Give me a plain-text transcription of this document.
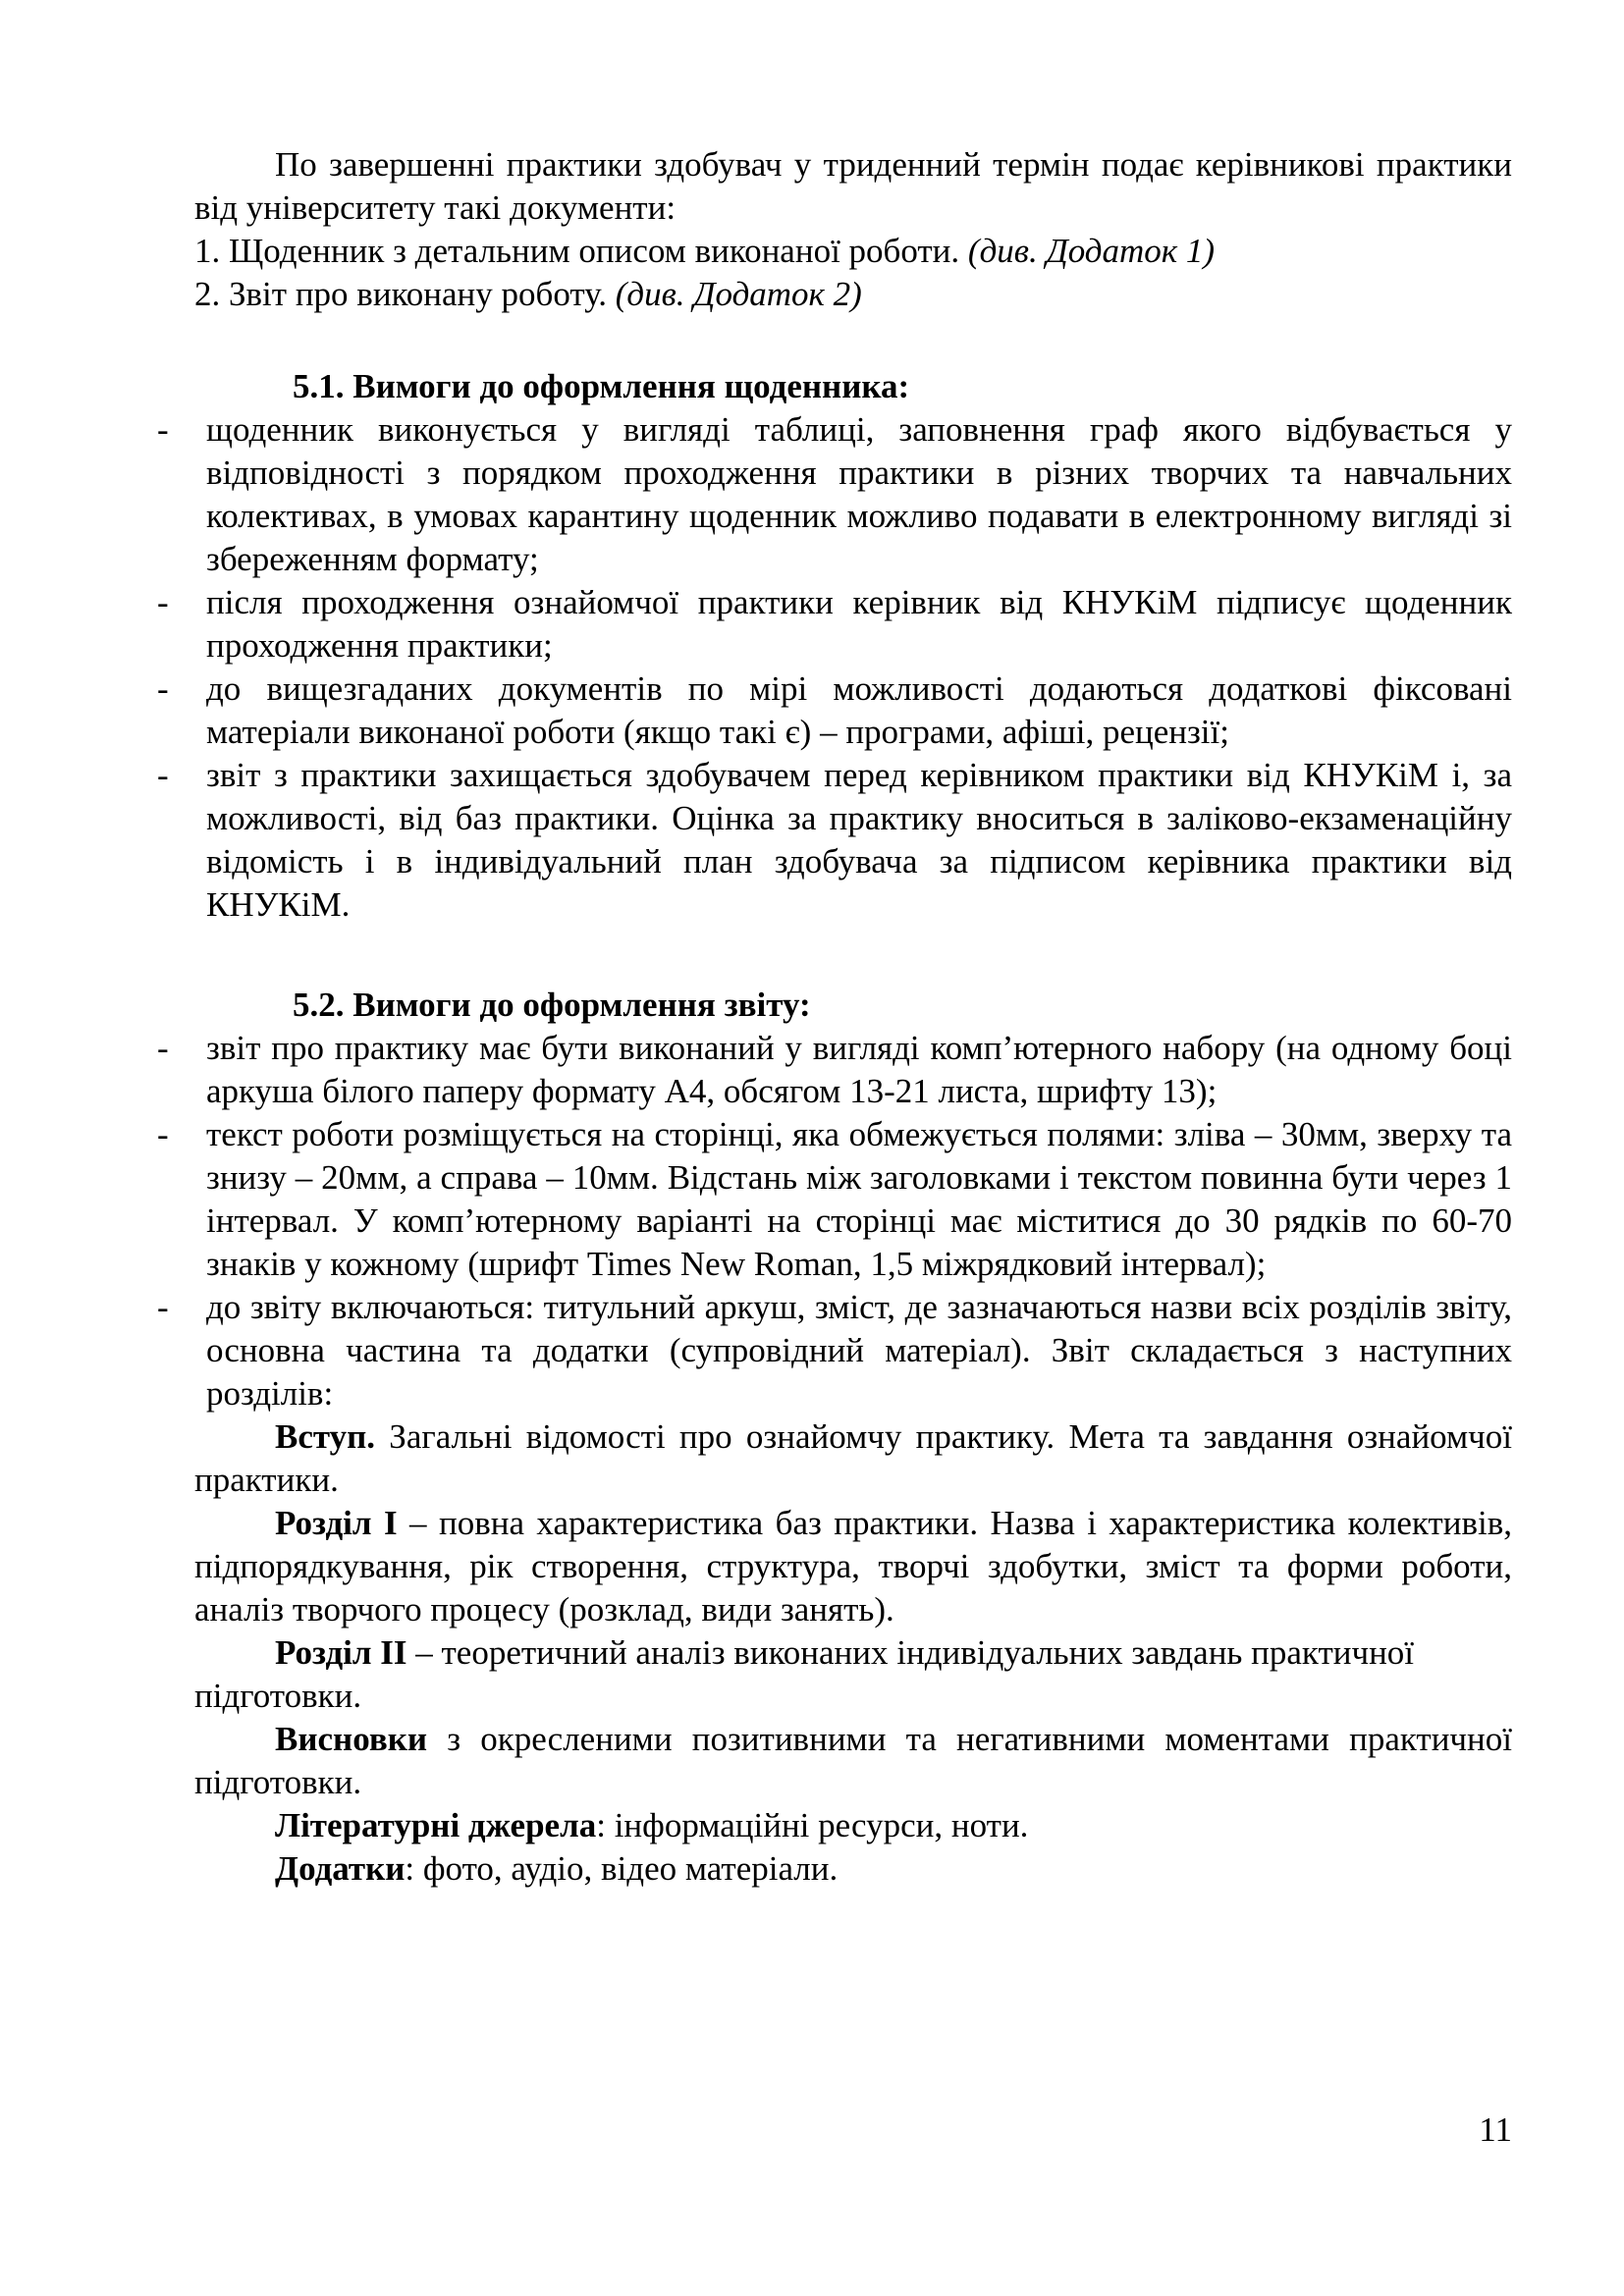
По завершенні практики здобувач у триденний термін подає керівникові практики від університету такі документи:

1. Щоденник з детальним описом виконаної роботи. (див. Додаток 1)

2. Звіт про виконану роботу. (див. Додаток 2)

5.1. Вимоги до оформлення щоденника:

- щоденник виконується у вигляді таблиці, заповнення граф якого відбувається у відповідності з порядком проходження практики в різних творчих та навчальних колективах, в умовах карантину щоденник можливо подавати в електронному вигляді зі збереженням формату;
- після проходження ознайомчої практики керівник від КНУКіМ підписує щоденник проходження практики;
- до вищезгаданих документів по мірі можливості додаються додаткові фіксовані матеріали виконаної роботи (якщо такі є) – програми, афіші, рецензії;
- звіт з практики захищається здобувачем перед керівником практики від КНУКіМ і, за можливості, від баз практики. Оцінка за практику вноситься в заліково-екзаменаційну відомість і в індивідуальний план здобувача за підписом керівника практики від КНУКіМ.

5.2. Вимоги до оформлення звіту:

- звіт про практику має бути виконаний у вигляді комп’ютерного набору (на одному боці аркуша білого паперу формату А4, обсягом 13-21 листа, шрифту 13);
- текст роботи розміщується на сторінці, яка обмежується полями: зліва – 30мм, зверху та знизу – 20мм, а справа – 10мм. Відстань між заголовками і текстом повинна бути через 1 інтервал. У комп’ютерному варіанті на сторінці має міститися до 30 рядків по 60-70 знаків у кожному (шрифт Times New Roman, 1,5 міжрядковий інтервал);
- до звіту включаються: титульний аркуш, зміст, де зазначаються назви всіх розділів звіту, основна частина та додатки (супровідний матеріал). Звіт складається з наступних розділів:

Вступ. Загальні відомості про ознайомчу практику. Мета та завдання ознайомчої практики.

Розділ I – повна характеристика баз практики. Назва і характеристика колективів, підпорядкування, рік створення, структура, творчі здобутки, зміст та форми роботи, аналіз творчого процесу (розклад, види занять).

Розділ II – теоретичний аналіз виконаних індивідуальних завдань практичної підготовки.

Висновки з окресленими позитивними та негативними моментами практичної підготовки.

Літературні джерела: інформаційні ресурси, ноти.

Додатки: фото, аудіо, відео матеріали.

11
